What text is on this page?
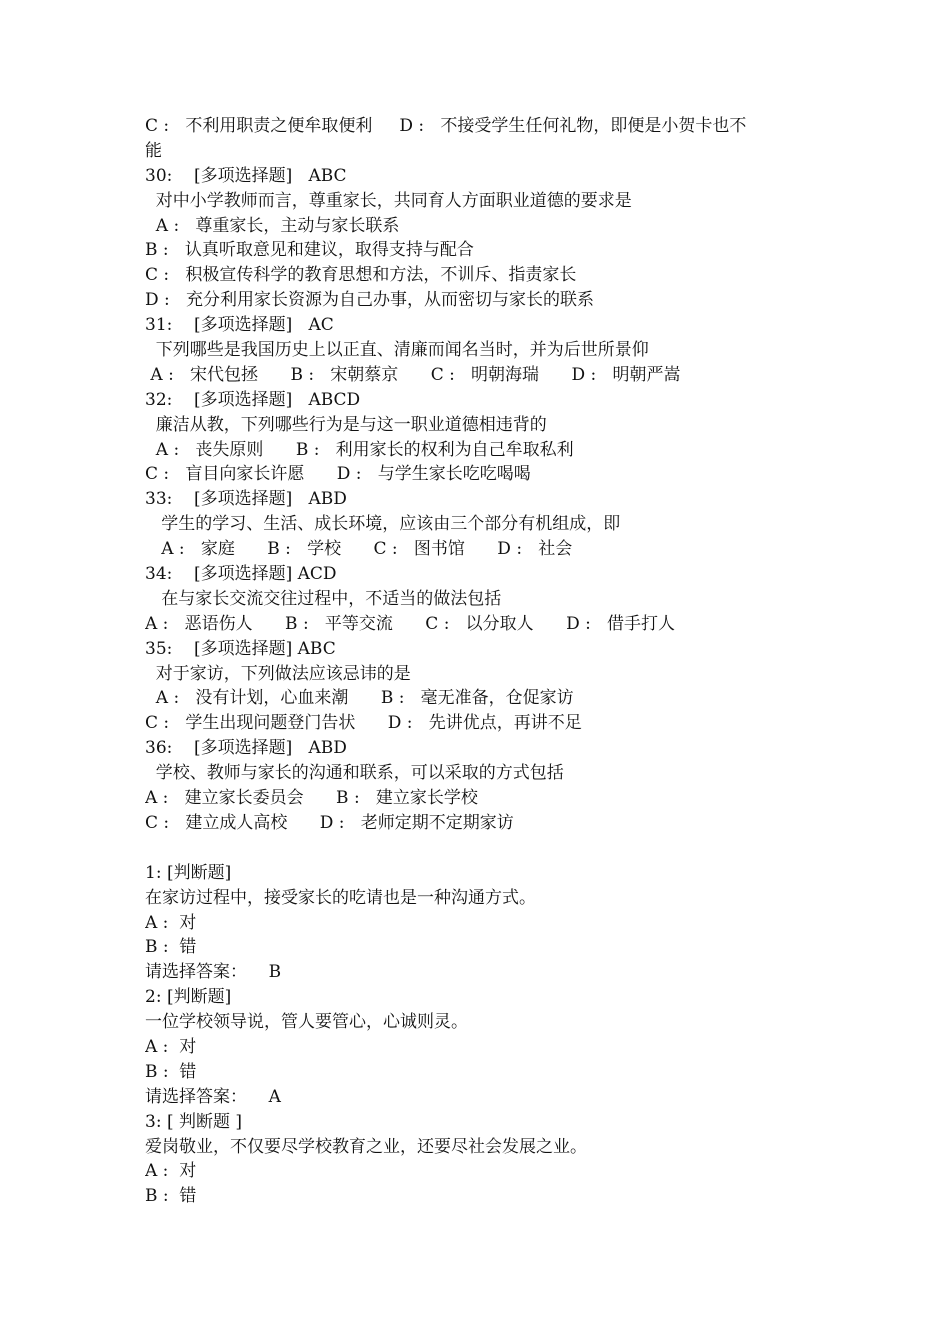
C :   不利用职责之便牟取便利     D :   不接受学生任何礼物，即便是小贺卡也不
能
30:    [多项选择题]   ABC
对中小学教师而言，尊重家长，共同育人方面职业道德的要求是
A :   尊重家长，主动与家长联系
B :   认真听取意见和建议，取得支持与配合
C :   积极宣传科学的教育思想和方法，不训斥、指责家长
D :   充分利用家长资源为自己办事，从而密切与家长的联系
31:    [多项选择题]   AC
下列哪些是我国历史上以正直、清廉而闻名当时，并为后世所景仰
A :   宋代包拯      B :   宋朝蔡京      C :   明朝海瑞      D :   明朝严嵩
32:    [多项选择题]   ABCD
廉洁从教，下列哪些行为是与这一职业道德相违背的
A :   丧失原则      B :   利用家长的权利为自己牟取私利
C :   盲目向家长许愿      D :   与学生家长吃吃喝喝
33:    [多项选择题]   ABD
学生的学习、生活、成长环境，应该由三个部分有机组成，即
A :   家庭      B :   学校      C :   图书馆      D :   社会
34:    [多项选择题] ACD
在与家长交流交往过程中，不适当的做法包括
A :   恶语伤人      B :   平等交流      C :   以分取人      D :   借手打人
35:    [多项选择题] ABC
对于家访，下列做法应该忌讳的是
A :   没有计划，心血来潮      B :   毫无准备，仓促家访
C :   学生出现问题登门告状      D :   先讲优点，再讲不足
36:    [多项选择题]   ABD
学校、教师与家长的沟通和联系，可以采取的方式包括
A :   建立家长委员会      B :   建立家长学校
C :   建立成人高校      D :   老师定期不定期家访
1: [判断题]
在家访过程中，接受家长的吃请也是一种沟通方式。
A :  对
B :  错
请选择答案：    B
2: [判断题]
一位学校领导说，管人要管心，心诚则灵。
A :  对
B :  错
请选择答案：    A
3: [ 判断题 ]
爱岗敬业，不仅要尽学校教育之业，还要尽社会发展之业。
A :  对
B :  错
